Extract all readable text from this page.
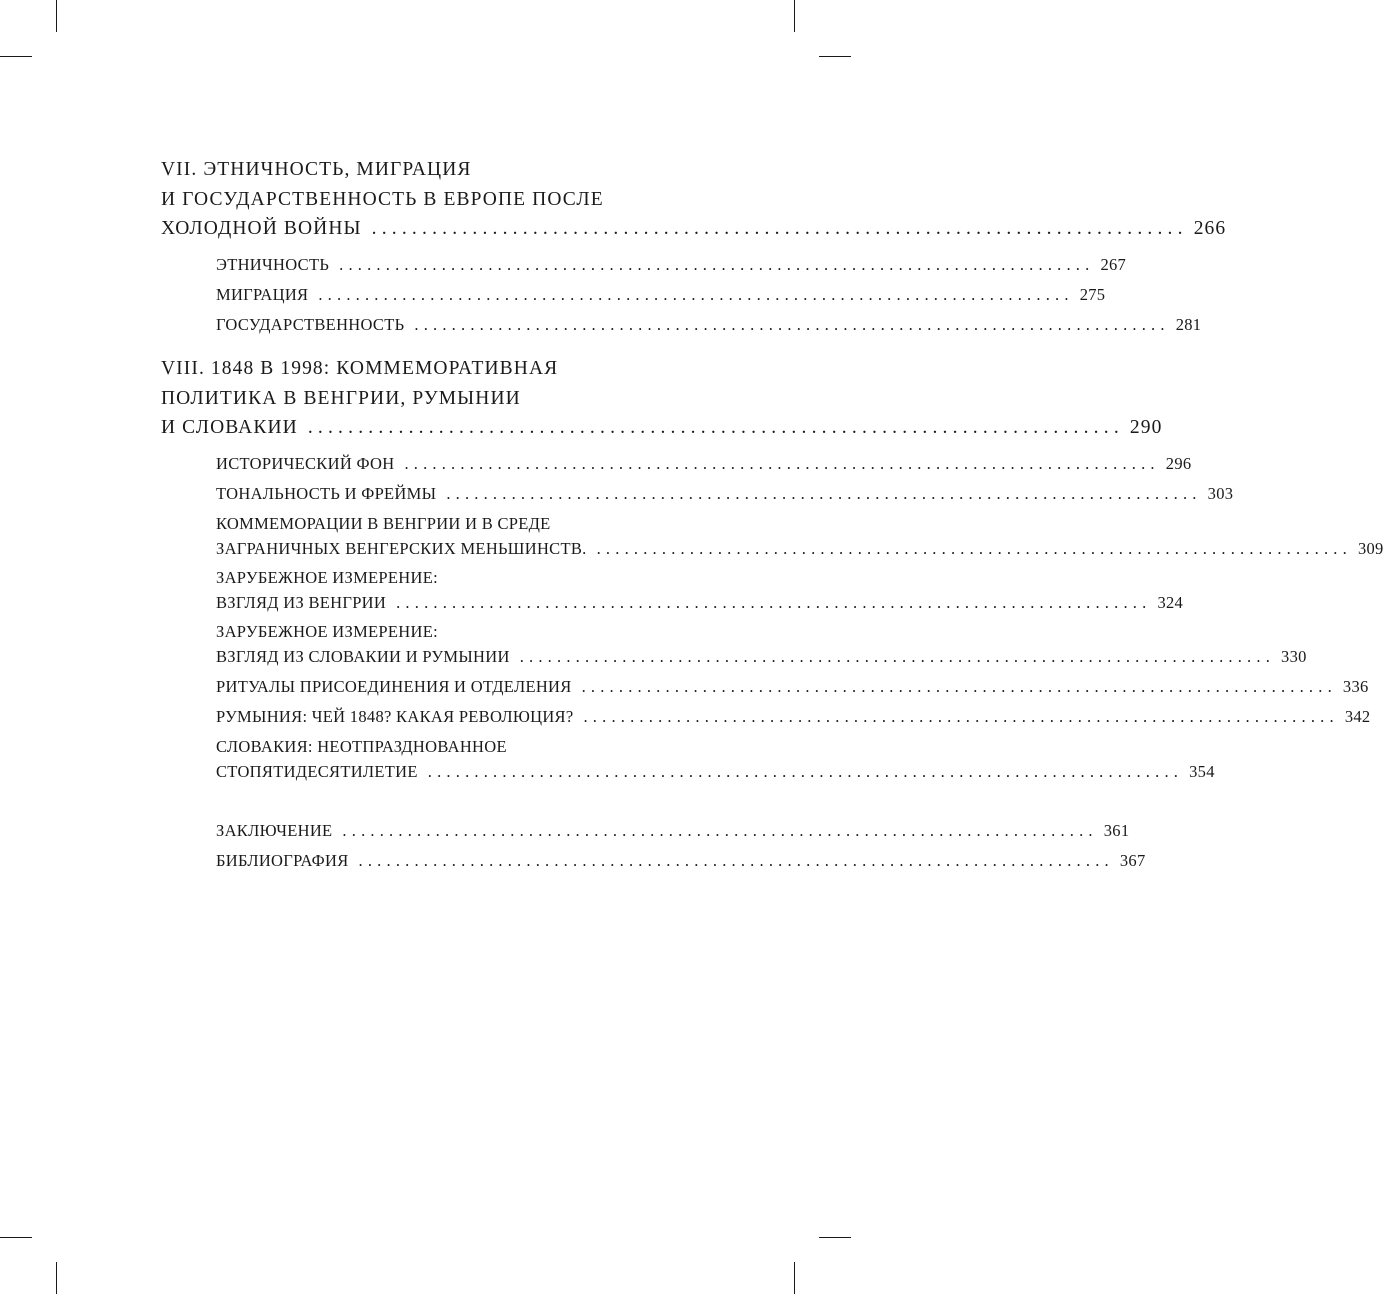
VII. ЭТНИЧНОСТЬ, МИГРАЦИЯ
И ГОСУДАРСТВЕННОСТЬ В ЕВРОПЕ ПОСЛЕ
ХОЛОДНОЙ ВОЙНЫ ................................................................................. 266
ЭТНИЧНОСТЬ ................................................................................. 267
МИГРАЦИЯ ................................................................................. 275
ГОСУДАРСТВЕННОСТЬ ................................................................................. 281
VIII. 1848 В 1998: КОММЕМОРАТИВНАЯ
ПОЛИТИКА В ВЕНГРИИ, РУМЫНИИ
И СЛОВАКИИ ................................................................................. 290
ИСТОРИЧЕСКИЙ ФОН ................................................................................. 296
ТОНАЛЬНОСТЬ И ФРЕЙМЫ ................................................................................. 303
КОММЕМОРАЦИИ В ВЕНГРИИ И В СРЕДЕ
ЗАГРАНИЧНЫХ ВЕНГЕРСКИХ МЕНЬШИНСТВ. ................................................................................. 309
ЗАРУБЕЖНОЕ ИЗМЕРЕНИЕ:
ВЗГЛЯД ИЗ ВЕНГРИИ ................................................................................. 324
ЗАРУБЕЖНОЕ ИЗМЕРЕНИЕ:
ВЗГЛЯД ИЗ СЛОВАКИИ И РУМЫНИИ ................................................................................. 330
РИТУАЛЫ ПРИСОЕДИНЕНИЯ И ОТДЕЛЕНИЯ ................................................................................. 336
РУМЫНИЯ: ЧЕЙ 1848? КАКАЯ РЕВОЛЮЦИЯ? ................................................................................. 342
СЛОВАКИЯ: НЕОТПРАЗДНОВАННОЕ
СТОПЯТИДЕСЯТИЛЕТИЕ ................................................................................. 354
ЗАКЛЮЧЕНИЕ ................................................................................. 361
БИБЛИОГРАФИЯ ................................................................................. 367
